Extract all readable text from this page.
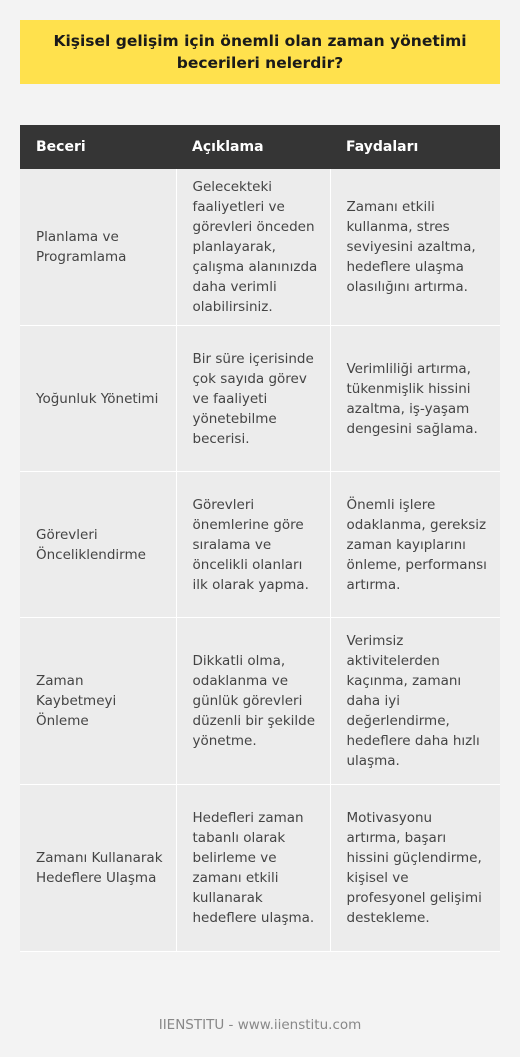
Kişisel gelişim için önemli olan zaman yönetimi becerileri nelerdir?
Beceri	Açıklama	Faydaları
Planlama ve Programlama	Gelecekteki faaliyetleri ve görevleri önceden planlayarak, çalışma alanınızda daha verimli olabilirsiniz.	Zamanı etkili kullanma, stres seviyesini azaltma, hedeflere ulaşma olasılığını artırma.
Yoğunluk Yönetimi	Bir süre içerisinde çok sayıda görev ve faaliyeti yönetebilme becerisi.	Verimliliği artırma, tükenmişlik hissini azaltma, iş-yaşam dengesini sağlama.
Görevleri Önceliklendirme	Görevleri önemlerine göre sıralama ve öncelikli olanları ilk olarak yapma.	Önemli işlere odaklanma, gereksiz zaman kayıplarını önleme, performansı artırma.
Zaman Kaybetmeyi Önleme	Dikkatli olma, odaklanma ve günlük görevleri düzenli bir şekilde yönetme.	Verimsiz aktivitelerden kaçınma, zamanı daha iyi değerlendirme, hedeflere daha hızlı ulaşma.
Zamanı Kullanarak Hedeflere Ulaşma	Hedefleri zaman tabanlı olarak belirleme ve zamanı etkili kullanarak hedeflere ulaşma.	Motivasyonu artırma, başarı hissini güçlendirme, kişisel ve profesyonel gelişimi destekleme.
IIENSTITU - www.iienstitu.com
